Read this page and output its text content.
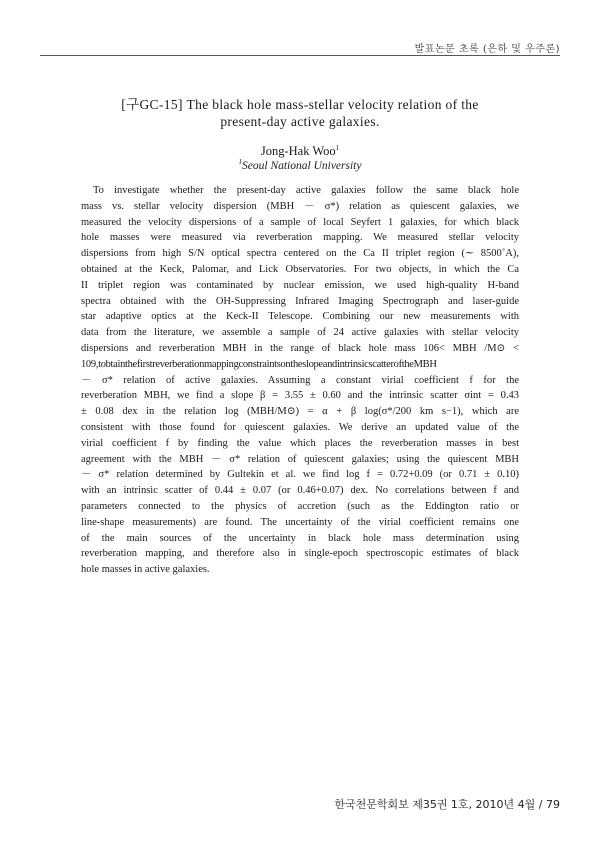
발표논문 초록 (은하 및 우주론)
[구GC-15] The black hole mass-stellar velocity relation of the
present-day active galaxies.
Jong-Hak Woo$^1$
$^1$Seoul National University
To investigate whether the present-day active galaxies follow the same black hole
mass vs. stellar velocity dispersion (MBH － σ*) relation as quiescent galaxies, we
measured the velocity dispersions of a sample of local Seyfert 1 galaxies, for which black
hole masses were measured via reverberation mapping. We measured stellar velocity
dispersions from high S/N optical spectra centered on the Ca II triplet region (∼ 8500˚A),
obtained at the Keck, Palomar, and Lick Observatories. For two objects, in which the Ca
II triplet region was contaminated by nuclear emission, we used high-quality H-band
spectra obtained with the OH-Suppressing Infrared Imaging Spectrograph and laser-guide
star adaptive optics at the Keck-II Telescope. Combining our new measurements with
data from the literature, we assemble a sample of 24 active galaxies with stellar velocity
dispersions and reverberation MBH in the range of black hole mass 106< MBH /M⊙ <
109,tobtainthefirstreverberationmappingconstraintsontheslopeandintrinsicscatteroftheMBH
－ σ* relation of active galaxies. Assuming a constant virial coefficient f for the
reverberation MBH, we find a slope β = 3.55 ± 0.60 and the intrinsic scatter σint = 0.43
± 0.08 dex in the relation log (MBH/M⊙) = α + β log(σ*/200 km s−1), which are
consistent with those found for quiescent galaxies. We derive an updated value of the
virial coefficient f by finding the value which places the reverberation masses in best
agreement with the MBH － σ* relation of quiescent galaxies; using the quiescent MBH
－ σ* relation determined by Gultekin et al. we find log f = 0.72+0.09 (or 0.71 ± 0.10)
with an intrinsic scatter of 0.44 ± 0.07 (or 0.46+0.07) dex. No correlations between f and
parameters connected to the physics of accretion (such as the Eddington ratio or
line-shape measurements) are found. The uncertainty of the virial coefficient remains one
of the main sources of the uncertainty in black hole mass determination using
reverberation mapping, and therefore also in single-epoch spectroscopic estimates of black
hole masses in active galaxies.
한국천문학회보 제35권 1호, 2010년 4월 / 79
